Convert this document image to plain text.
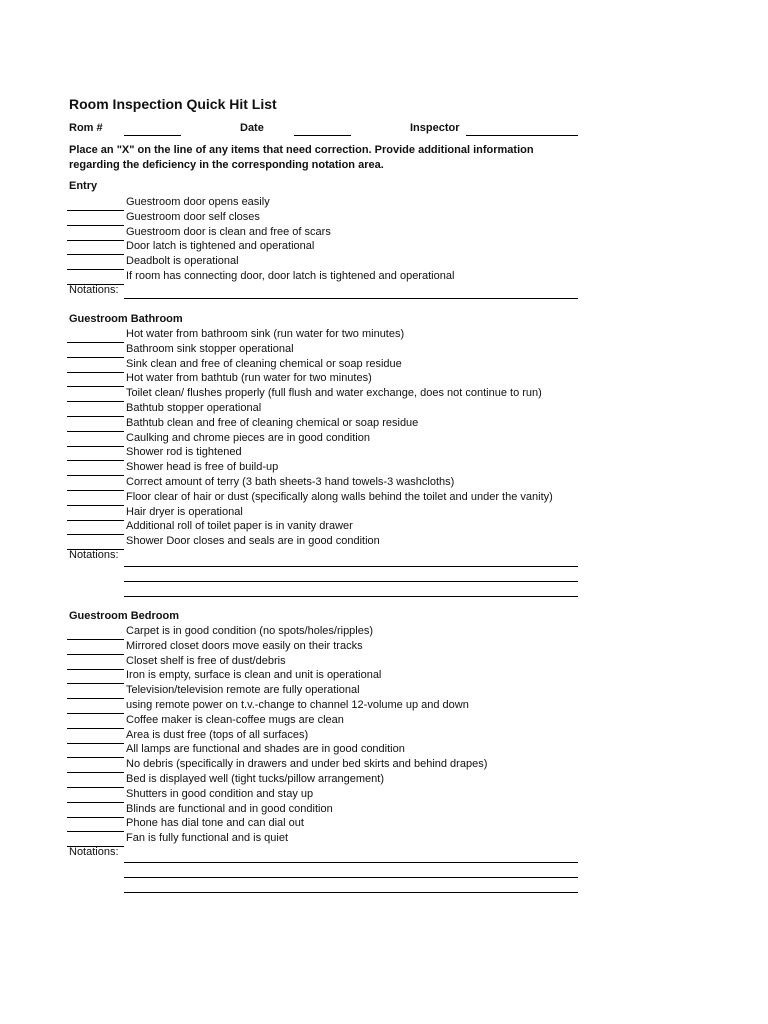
Room Inspection Quick Hit List
Rom #	Date	Inspector
Place an "X" on the line of any items that need correction. Provide additional information
regarding the deficiency in the corresponding notation area.
Entry
Guestroom door opens easily
Guestroom door self closes
Guestroom door is clean and free of scars
Door latch is tightened and operational
Deadbolt is operational
If room has connecting door, door latch is tightened and operational
Notations:
Guestroom Bathroom
Hot water from bathroom sink (run water for two minutes)
Bathroom sink stopper operational
Sink clean and free of cleaning chemical or soap residue
Hot water from bathtub (run water for two minutes)
Toilet clean/ flushes properly (full flush and water exchange, does not continue to run)
Bathtub stopper operational
Bathtub clean and free of cleaning chemical or soap residue
Caulking and chrome pieces are in good condition
Shower rod is tightened
Shower head is free of build-up
Correct amount of terry (3 bath sheets-3 hand towels-3 washcloths)
Floor clear of hair or dust (specifically along walls behind the toilet and under the vanity)
Hair dryer is operational
Additional roll of toilet paper is in vanity drawer
Shower Door closes and seals are in good condition
Notations:
Guestroom Bedroom
Carpet is in good condition (no spots/holes/ripples)
Mirrored closet doors move easily on their tracks
Closet shelf is free of dust/debris
Iron is empty, surface is clean and unit is operational
Television/television remote are fully operational
using remote power on t.v.-change to channel 12-volume up and down
Coffee maker is clean-coffee mugs are clean
Area is dust free (tops of all surfaces)
All lamps are functional and shades are in good condition
No debris (specifically in drawers and under bed skirts and behind drapes)
Bed is displayed well (tight tucks/pillow arrangement)
Shutters in good condition and stay up
Blinds are functional and in good condition
Phone has dial tone and can dial out
Fan is fully functional and is quiet
Notations:
